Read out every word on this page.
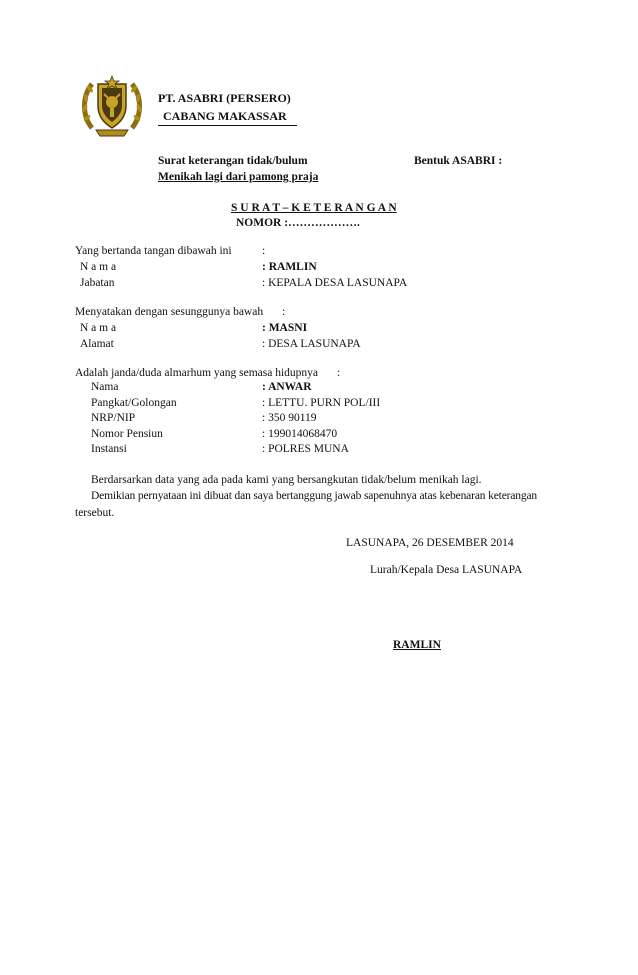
PT. ASABRI (PERSERO)
CABANG MAKASSAR
Surat keterangan tidak/bulum
Menikah lagi dari pamong praja
Bentuk ASABRI :
S U R A T – K E T E R A N G A N
NOMOR :……………….
Yang bertanda tangan dibawah ini	:
N a m a	: RAMLIN
Jabatan	: KEPALA DESA LASUNAPA
Menyatakan dengan sesunggunya bawah :
N a m a	: MASNI
Alamat	: DESA LASUNAPA
Adalah janda/duda almarhum yang semasa hidupnya :
Nama	: ANWAR
Pangkat/Golongan	: LETTU. PURN POL/III
NRP/NIP	: 350 90119
Nomor Pensiun	: 199014068470
Instansi	: POLRES MUNA
Berdarsarkan data yang ada pada kami yang bersangkutan tidak/belum menikah lagi.
Demikian pernyataan ini dibuat dan saya bertanggung jawab sapenuhnya atas kebenaran keterangan
tersebut.
LASUNAPA, 26 DESEMBER 2014
Lurah/Kepala Desa LASUNAPA
RAMLIN
